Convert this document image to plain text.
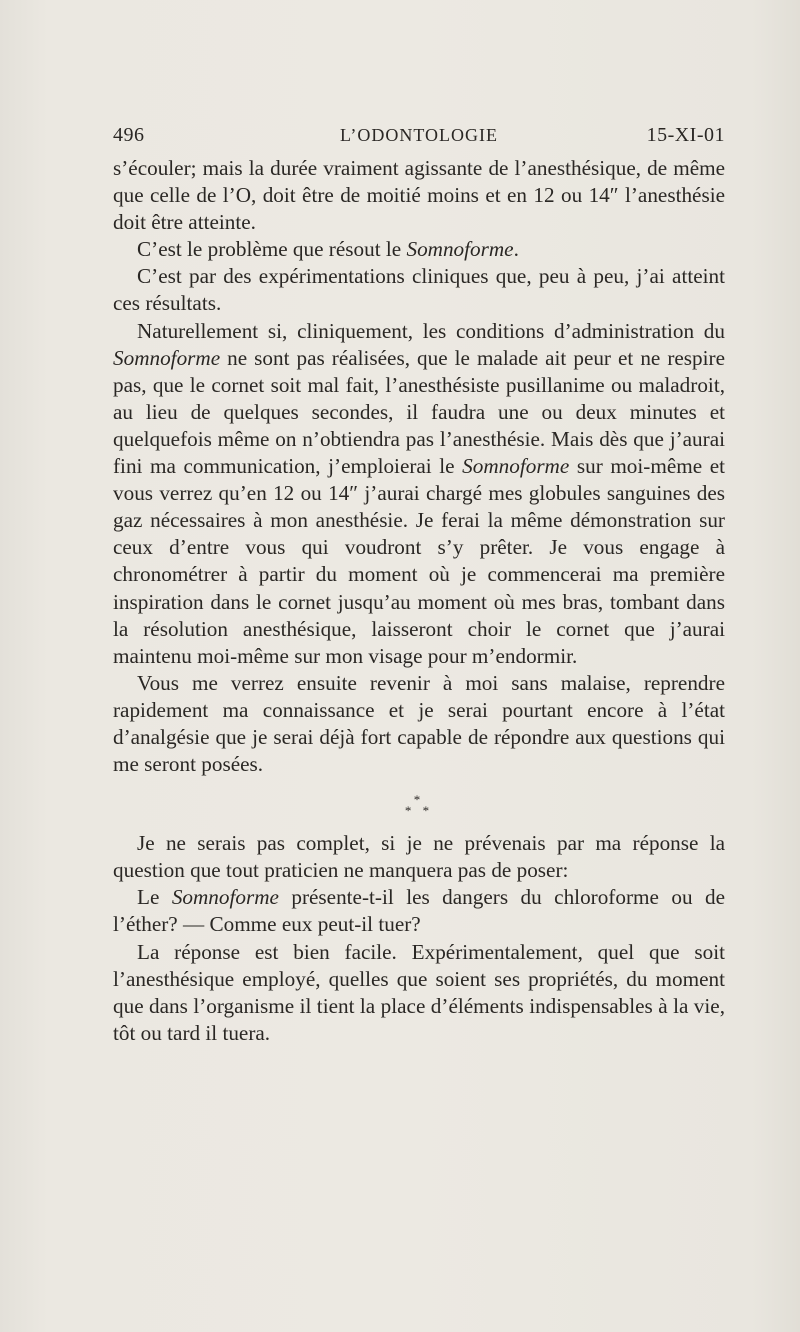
496	L’ODONTOLOGIE	15-XI-01

s’écouler; mais la durée vraiment agissante de l’anesthésique, de même que celle de l’O, doit être de moitié moins et en 12 ou 14″ l’anesthésie doit être atteinte.

C’est le problème que résout le Somnoforme.

C’est par des expérimentations cliniques que, peu à peu, j’ai atteint ces résultats.

Naturellement si, cliniquement, les conditions d’administration du Somnoforme ne sont pas réalisées, que le malade ait peur et ne respire pas, que le cornet soit mal fait, l’anesthésiste pusillanime ou maladroit, au lieu de quelques secondes, il faudra une ou deux minutes et quelquefois même on n’obtiendra pas l’anesthésie. Mais dès que j’aurai fini ma communication, j’emploierai le Somnoforme sur moi-même et vous verrez qu’en 12 ou 14″ j’aurai chargé mes globules sanguines des gaz nécessaires à mon anesthésie. Je ferai la même démonstration sur ceux d’entre vous qui voudront s’y prêter. Je vous engage à chronométrer à partir du moment où je commencerai ma première inspiration dans le cornet jusqu’au moment où mes bras, tombant dans la résolution anesthésique, laisseront choir le cornet que j’aurai maintenu moi-même sur mon visage pour m’endormir.

Vous me verrez ensuite revenir à moi sans malaise, reprendre rapidement ma connaissance et je serai pourtant encore à l’état d’analgésie que je serai déjà fort capable de répondre aux questions qui me seront posées.

*
* *

Je ne serais pas complet, si je ne prévenais par ma réponse la question que tout praticien ne manquera pas de poser:

Le Somnoforme présente-t-il les dangers du chloroforme ou de l’éther? — Comme eux peut-il tuer?

La réponse est bien facile. Expérimentalement, quel que soit l’anesthésique employé, quelles que soient ses propriétés, du moment que dans l’organisme il tient la place d’éléments indispensables à la vie, tôt ou tard il tuera.
